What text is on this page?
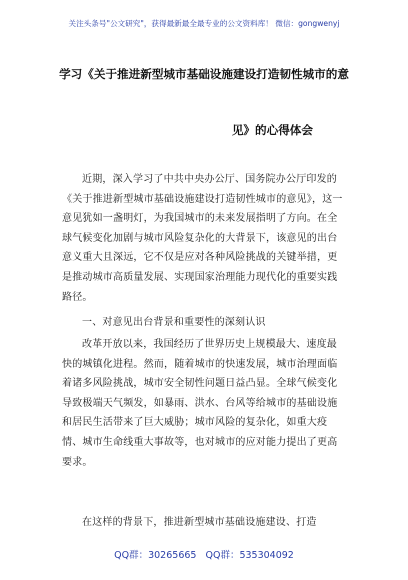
关注头条号"公文研究"，获得最新最全最专业的公文资料库！ 微信：gongwenyj
学习《关于推进新型城市基础设施建设打造韧性城市的意
见》的心得体会

近期，深入学习了中共中央办公厅、国务院办公厅印发的《关于推进新型城市基础设施建设打造韧性城市的意见》，这一意见犹如一盏明灯，为我国城市的未来发展指明了方向。在全球气候变化加剧与城市风险复杂化的大背景下，该意见的出台意义重大且深远，它不仅是应对各种风险挑战的关键举措，更是推动城市高质量发展、实现国家治理能力现代化的重要实践路径。

一、对意见出台背景和重要性的深刻认识

改革开放以来，我国经历了世界历史上规模最大、速度最快的城镇化进程。然而，随着城市的快速发展，城市治理面临着诸多风险挑战，城市安全韧性问题日益凸显。全球气候变化导致极端天气频发，如暴雨、洪水、台风等给城市的基础设施和居民生活带来了巨大威胁；城市风险的复杂化，如重大疫情、城市生命线重大事故等，也对城市的应对能力提出了更高要求。

在这样的背景下，推进新型城市基础设施建设、打造

QQ群：30265665 QQ群：535304092
